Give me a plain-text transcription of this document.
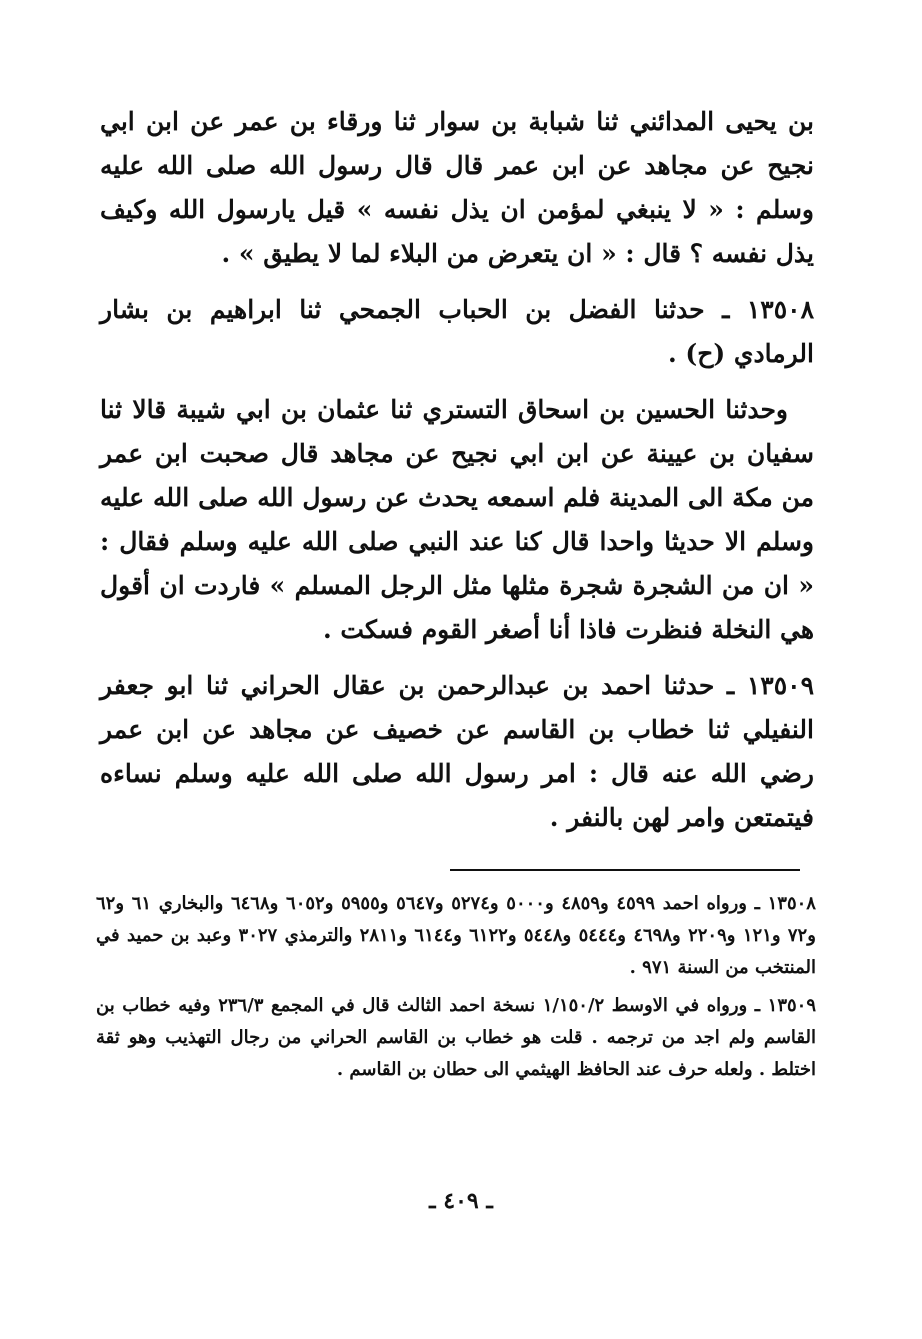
بن يحيى المدائني ثنا شبابة بن سوار ثنا ورقاء بن عمر عن ابن ابي نجيح عن مجاهد عن ابن عمر قال قال رسول الله صلى الله عليه وسلم : « لا ينبغي لمؤمن ان يذل نفسه » قيل يارسول الله وكيف يذل نفسه ؟ قال : « ان يتعرض من البلاء لما لا يطيق » .

١٣٥٠٨ ـ حدثنا الفضل بن الحباب الجمحي ثنا ابراهيم بن بشار الرمادي (ح) .

وحدثنا الحسين بن اسحاق التستري ثنا عثمان بن ابي شيبة قالا ثنا سفيان بن عيينة عن ابن ابي نجيح عن مجاهد قال صحبت ابن عمر من مكة الى المدينة فلم اسمعه يحدث عن رسول الله صلى الله عليه وسلم الا حديثا واحدا قال كنا عند النبي صلى الله عليه وسلم فقال : « ان من الشجرة شجرة مثلها مثل الرجل المسلم » فاردت ان أقول هي النخلة فنظرت فاذا أنا أصغر القوم فسكت .

١٣٥٠٩ ـ حدثنا احمد بن عبدالرحمن بن عقال الحراني ثنا ابو جعفر النفيلي ثنا خطاب بن القاسم عن خصيف عن مجاهد عن ابن عمر رضي الله عنه قال : امر رسول الله صلى الله عليه وسلم نساءه فيتمتعن وامر لهن بالنفر .

١٣٥٠٨ ـ ورواه احمد ٤٥٩٩ و٤٨٥٩ و٥٠٠٠ و٥٢٧٤ و٥٦٤٧ و٥٩٥٥ و٦٠٥٢ و٦٤٦٨ والبخاري ٦١ و٦٢ و٧٢ و١٢١ و٢٢٠٩ و٤٦٩٨ و٥٤٤٤ و٥٤٤٨ و٦١٢٢ و٦١٤٤ و٢٨١١ والترمذي ٣٠٢٧ وعبد بن حميد في المنتخب من السنة ٩٧١ .

١٣٥٠٩ ـ ورواه في الاوسط ١/١٥٠/٢ نسخة احمد الثالث قال في المجمع ٢٣٦/٣ وفيه خطاب بن القاسم ولم اجد من ترجمه . قلت هو خطاب بن القاسم الحراني من رجال التهذيب وهو ثقة اختلط . ولعله حرف عند الحافظ الهيثمي الى حطان بن القاسم .

ـ ٤٠٩ ـ
